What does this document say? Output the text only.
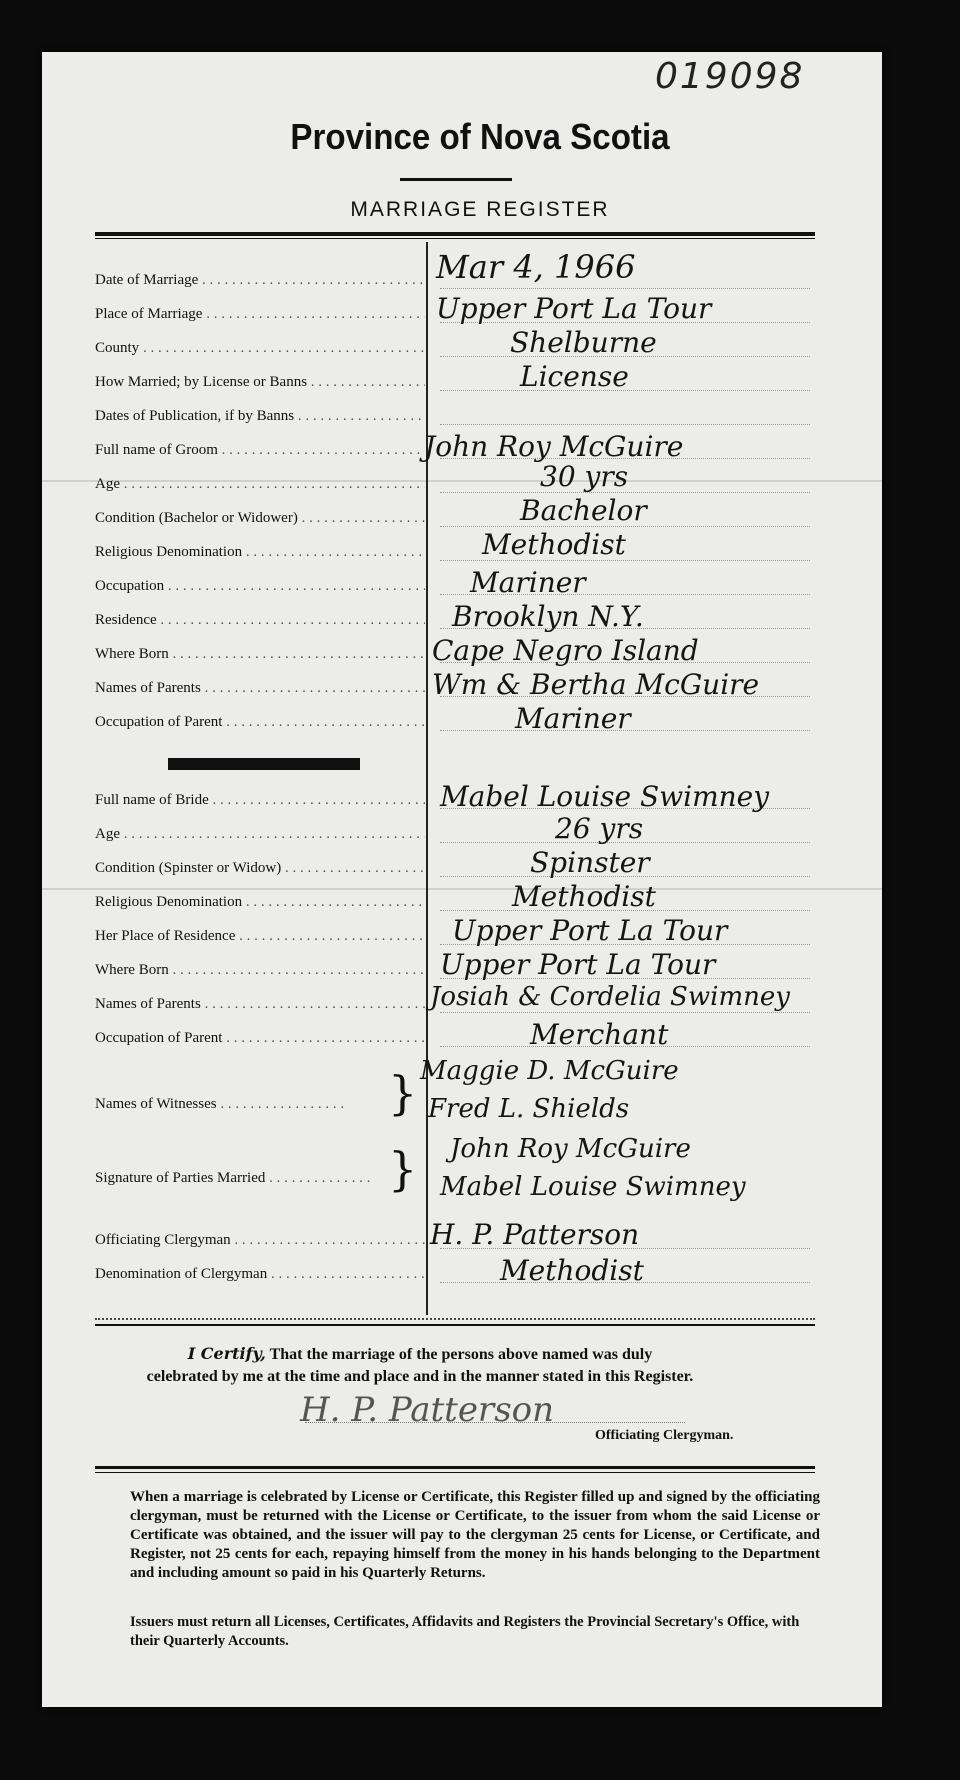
019098
Province of Nova Scotia
MARRIAGE REGISTER
Date of Marriage . . .
Place of Marriage . . .
County . . .
How Married; by License or Banns . . .
Dates of Publication, if by Banns . . .
Full name of Groom . . .
Age . . .
Condition (Bachelor or Widower) . . .
Religious Denomination . . .
Occupation . . .
Residence . . .
Where Born . . .
Names of Parents . . .
Occupation of Parent . . .
Full name of Bride . . .
Age . . .
Condition (Spinster or Widow) . . .
Religious Denomination . . .
Her Place of Residence . . .
Where Born . . .
Names of Parents . . .
Occupation of Parent . . .
Names of Witnesses . . .	}
Signature of Parties Married . . .	}
Officiating Clergyman . . .
Denomination of Clergyman . . .
Mar 4, 1966
Upper Port La Tour
Shelburne
License
John Roy McGuire
30 yrs
Bachelor
Methodist
Mariner
Brooklyn N.Y.
Cape Negro Island
Wm & Bertha McGuire
Mariner
Mabel Louise Swimney
26 yrs
Spinster
Methodist
Upper Port La Tour
Upper Port La Tour
Josiah & Cordelia Swimney
Merchant
Maggie D. McGuire
Fred L. Shields
John Roy McGuire
Mabel Louise Swimney
H. P. Patterson
Methodist
I Certify, That the marriage of the persons above named was duly
celebrated by me at the time and place and in the manner stated in this Register.
H. P. Patterson
Officiating Clergyman.
When a marriage is celebrated by License or Certificate, this Register filled up and signed by the officiating clergyman, must be returned with the License or Certificate, to the issuer from whom the said License or Certificate was obtained, and the issuer will pay to the clergyman 25 cents for License, or Certificate, and Register, not 25 cents for each, repaying himself from the money in his hands belonging to the Department and including amount so paid in his Quarterly Returns.
Issuers must return all Licenses, Certificates, Affidavits and Registers the Provincial Secretary's Office, with their Quarterly Accounts.
